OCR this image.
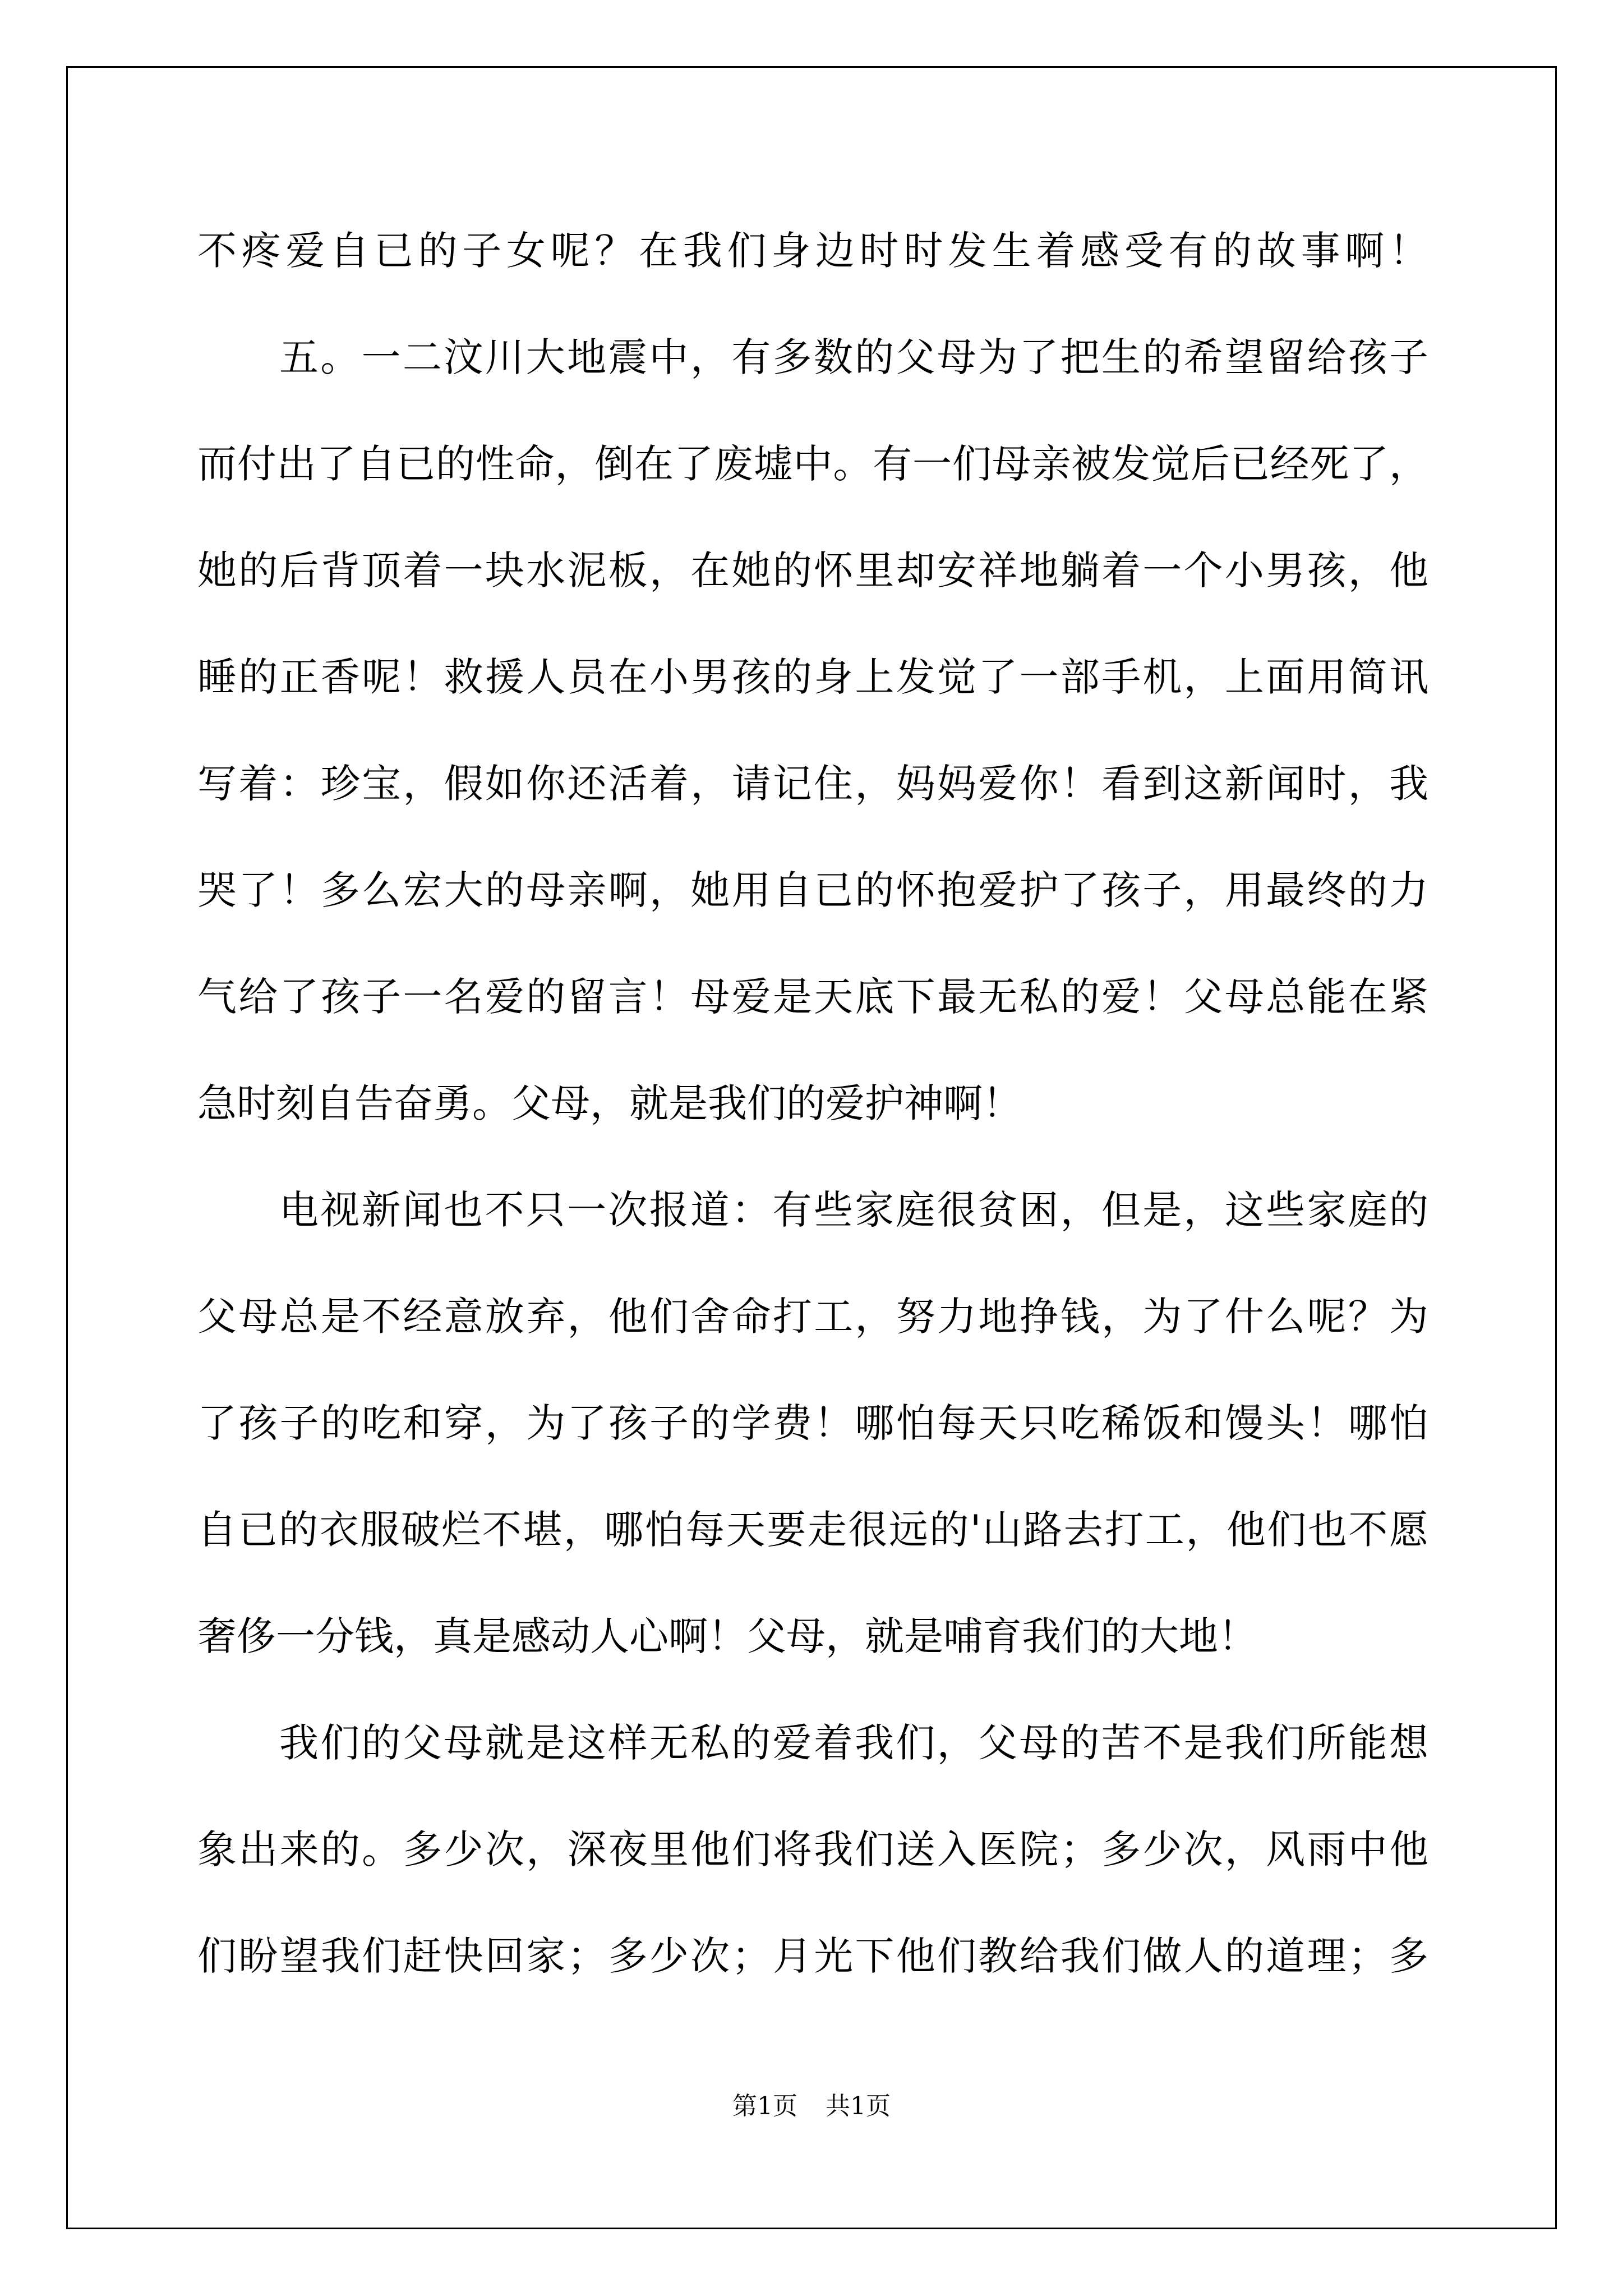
不疼爱自已的子女呢？在我们身边时时发生着感受有的故事啊！
五。一二汶川大地震中，有多数的父母为了把生的希望留给孩子
而付出了自已的性命，倒在了废墟中。有一们母亲被发觉后已经死了，
她的后背顶着一块水泥板，在她的怀里却安祥地躺着一个小男孩，他
睡的正香呢！救援人员在小男孩的身上发觉了一部手机，上面用简讯
写着：珍宝，假如你还活着，请记住，妈妈爱你！看到这新闻时，我
哭了！多么宏大的母亲啊，她用自已的怀抱爱护了孩子，用最终的力
气给了孩子一名爱的留言！母爱是天底下最无私的爱！父母总能在紧
急时刻自告奋勇。父母，就是我们的爱护神啊！
电视新闻也不只一次报道：有些家庭很贫困，但是，这些家庭的
父母总是不经意放弃，他们舍命打工，努力地挣钱，为了什么呢？为
了孩子的吃和穿，为了孩子的学费！哪怕每天只吃稀饭和馒头！哪怕
自已的衣服破烂不堪，哪怕每天要走很远的'山路去打工，他们也不愿
奢侈一分钱，真是感动人心啊！父母，就是哺育我们的大地！
我们的父母就是这样无私的爱着我们，父母的苦不是我们所能想
象出来的。多少次，深夜里他们将我们送入医院；多少次，风雨中他
们盼望我们赶快回家；多少次；月光下他们教给我们做人的道理；多
第1页 共1页
